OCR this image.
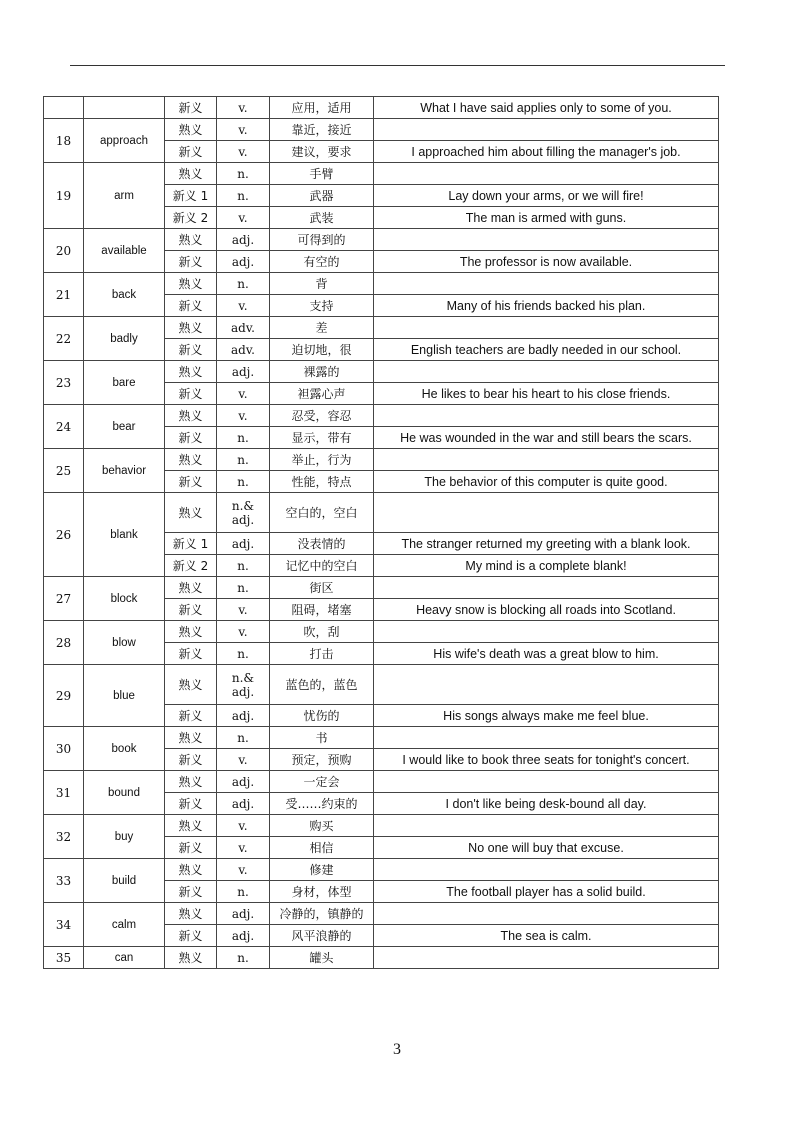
		新义	v.	应用，适用	What I have said applies only to some of you.
18	approach	熟义	v.	靠近，接近	
		新义	v.	建议，要求	I approached him about filling the manager's job.
19	arm	熟义	n.	手臂	
		新义 1	n.	武器	Lay down your arms, or we will fire!
		新义 2	v.	武装	The man is armed with guns.
20	available	熟义	adj.	可得到的	
		新义	adj.	有空的	The professor is now available.
21	back	熟义	n.	背	
		新义	v.	支持	Many of his friends backed his plan.
22	badly	熟义	adv.	差	
		新义	adv.	迫切地，很	English teachers are badly needed in our school.
23	bare	熟义	adj.	裸露的	
		新义	v.	袒露心声	He likes to bear his heart to his close friends.
24	bear	熟义	v.	忍受，容忍	
		新义	n.	显示，带有	He was wounded in the war and still bears the scars.
25	behavior	熟义	n.	举止，行为	
		新义	n.	性能，特点	The behavior of this computer is quite good.
26	blank	熟义	n.& adj.	空白的，空白	
		新义 1	adj.	没表情的	The stranger returned my greeting with a blank look.
		新义 2	n.	记忆中的空白	My mind is a complete blank!
27	block	熟义	n.	街区	
		新义	v.	阻碍，堵塞	Heavy snow is blocking all roads into Scotland.
28	blow	熟义	v.	吹，刮	
		新义	n.	打击	His wife's death was a great blow to him.
29	blue	熟义	n.& adj.	蓝色的，蓝色	
		新义	adj.	忧伤的	His songs always make me feel blue.
30	book	熟义	n.	书	
		新义	v.	预定，预购	I would like to book three seats for tonight's concert.
31	bound	熟义	adj.	一定会	
		新义	adj.	受……约束的	I don't like being desk-bound all day.
32	buy	熟义	v.	购买	
		新义	v.	相信	No one will buy that excuse.
33	build	熟义	v.	修建	
		新义	n.	身材，体型	The football player has a solid build.
34	calm	熟义	adj.	冷静的，镇静的	
		新义	adj.	风平浪静的	The sea is calm.
35	can	熟义	n.	罐头	
3
